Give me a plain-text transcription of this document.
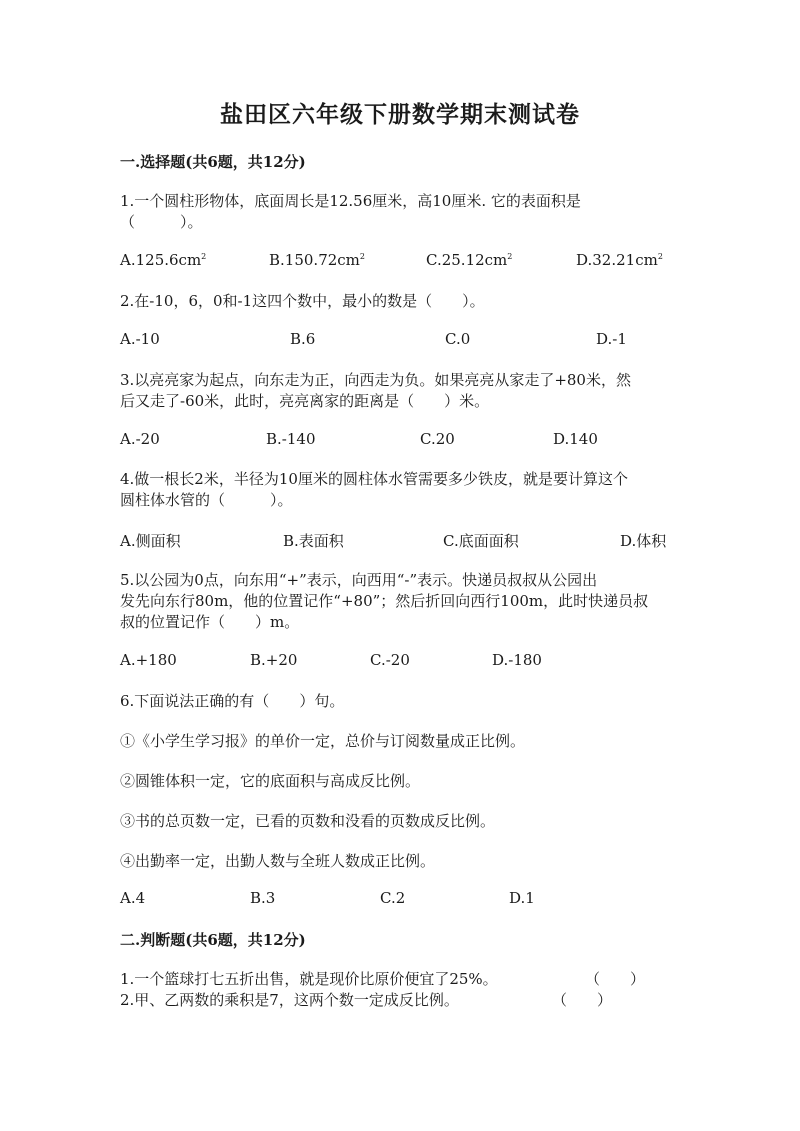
盐田区六年级下册数学期末测试卷
一.选择题(共6题，共12分)
1.一个圆柱形物体，底面周长是12.56厘米，高10厘米. 它的表面积是
（　　　）。
$A.125.6cm^2$	$B.150.72cm^2$	$C.25.12cm^2$	$D.32.21cm^2$
2.在-10，6，0和-1这四个数中，最小的数是（　　）。
A.-10	B.6	C.0	D.-1
3.以亮亮家为起点，向东走为正，向西走为负。如果亮亮从家走了+80米，然
后又走了-60米，此时，亮亮离家的距离是（　　）米。
A.-20	B.-140	C.20	D.140
4.做一根长2米，半径为10厘米的圆柱体水管需要多少铁皮，就是要计算这个
圆柱体水管的（　　　）。
A.侧面积	B.表面积	C.底面面积	D.体积
5.以公园为0点，向东用“+”表示，向西用“-”表示。快递员叔叔从公园出
发先向东行80m，他的位置记作“+80”；然后折回向西行100m，此时快递员叔
叔的位置记作（　　）m。
A.+180	B.+20	C.-20	D.-180
6.下面说法正确的有（　　）句。
①《小学生学习报》的单价一定，总价与订阅数量成正比例。
②圆锥体积一定，它的底面积与高成反比例。
③书的总页数一定，已看的页数和没看的页数成反比例。
④出勤率一定，出勤人数与全班人数成正比例。
A.4	B.3	C.2	D.1
二.判断题(共6题，共12分)
1.一个篮球打七五折出售，就是现价比原价便宜了25%。	（　　）
2.甲、乙两数的乘积是7，这两个数一定成反比例。	（　　）
